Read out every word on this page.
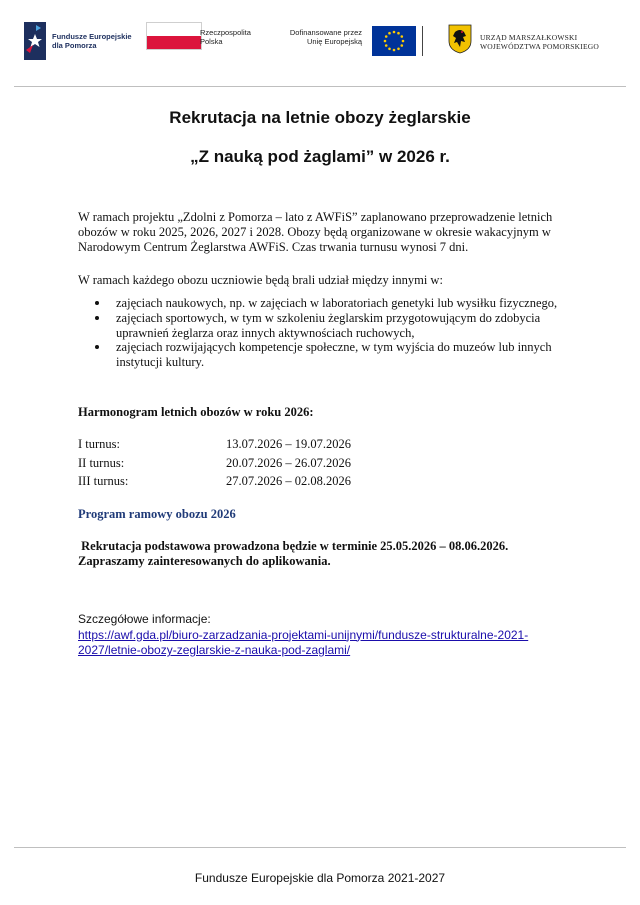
Fundusze Europejskie
dla Pomorza
Rzeczpospolita
Polska
Dofinansowane przez
Unię Europejską	URZĄD MARSZAŁKOWSKI
WOJEWÓDZTWA POMORSKIEGO
Rekrutacja na letnie obozy żeglarskie
„Z nauką pod żaglami” w 2026 r.
W ramach projektu „Zdolni z Pomorza – lato z AWFiS” zaplanowano przeprowadzenie letnich obozów w roku 2025, 2026, 2027 i 2028. Obozy będą organizowane w okresie wakacyjnym w Narodowym Centrum Żeglarstwa AWFiS. Czas trwania turnusu wynosi 7 dni.
W ramach każdego obozu uczniowie będą brali udział między innymi w:
zajęciach naukowych, np. w zajęciach w laboratoriach genetyki lub wysiłku fizycznego,
zajęciach sportowych, w tym w szkoleniu żeglarskim przygotowującym do zdobycia uprawnień żeglarza oraz innych aktywnościach ruchowych,
zajęciach rozwijających kompetencje społeczne, w tym wyjścia do muzeów lub innych instytucji kultury.
Harmonogram letnich obozów w roku 2026:
I turnus:	13.07.2026 – 19.07.2026
II turnus:	20.07.2026 – 26.07.2026
III turnus:	27.07.2026 – 02.08.2026
Program ramowy obozu 2026
Rekrutacja podstawowa prowadzona będzie w terminie 25.05.2026 – 08.06.2026.
Zapraszamy zainteresowanych do aplikowania.
Szczegółowe informacje:
https://awf.gda.pl/biuro-zarzadzania-projektami-unijnymi/fundusze-strukturalne-2021-
2027/letnie-obozy-zeglarskie-z-nauka-pod-zaglami/
Fundusze Europejskie dla Pomorza 2021-2027
